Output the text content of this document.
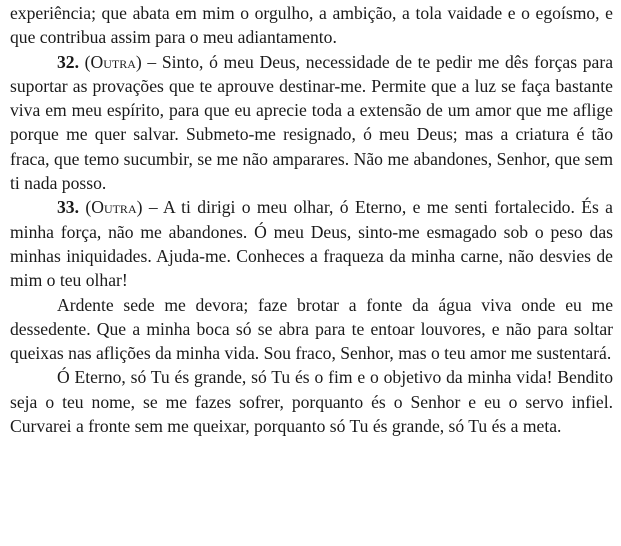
experiência; que abata em mim o orgulho, a ambição, a tola vaidade e o egoísmo, e que contribua assim para o meu adiantamento.

32. (Outra) – Sinto, ó meu Deus, necessidade de te pedir me dês forças para suportar as provações que te aprouve destinar-me. Permite que a luz se faça bastante viva em meu espírito, para que eu aprecie toda a extensão de um amor que me aflige porque me quer salvar. Submeto-me resignado, ó meu Deus; mas a criatura é tão fraca, que temo sucumbir, se me não amparares. Não me abandones, Senhor, que sem ti nada posso.

33. (Outra) – A ti dirigi o meu olhar, ó Eterno, e me senti fortalecido. És a minha força, não me abandones. Ó meu Deus, sinto-me esmagado sob o peso das minhas iniquidades. Ajuda-me. Conheces a fraqueza da minha carne, não desvies de mim o teu olhar!

Ardente sede me devora; faze brotar a fonte da água viva onde eu me dessedente. Que a minha boca só se abra para te entoar louvores, e não para soltar queixas nas aflições da minha vida. Sou fraco, Senhor, mas o teu amor me sustentará.

Ó Eterno, só Tu és grande, só Tu és o fim e o objetivo da minha vida! Bendito seja o teu nome, se me fazes sofrer, porquanto és o Senhor e eu o servo infiel. Curvarei a fronte sem me queixar, porquanto só Tu és grande, só Tu és a meta.
